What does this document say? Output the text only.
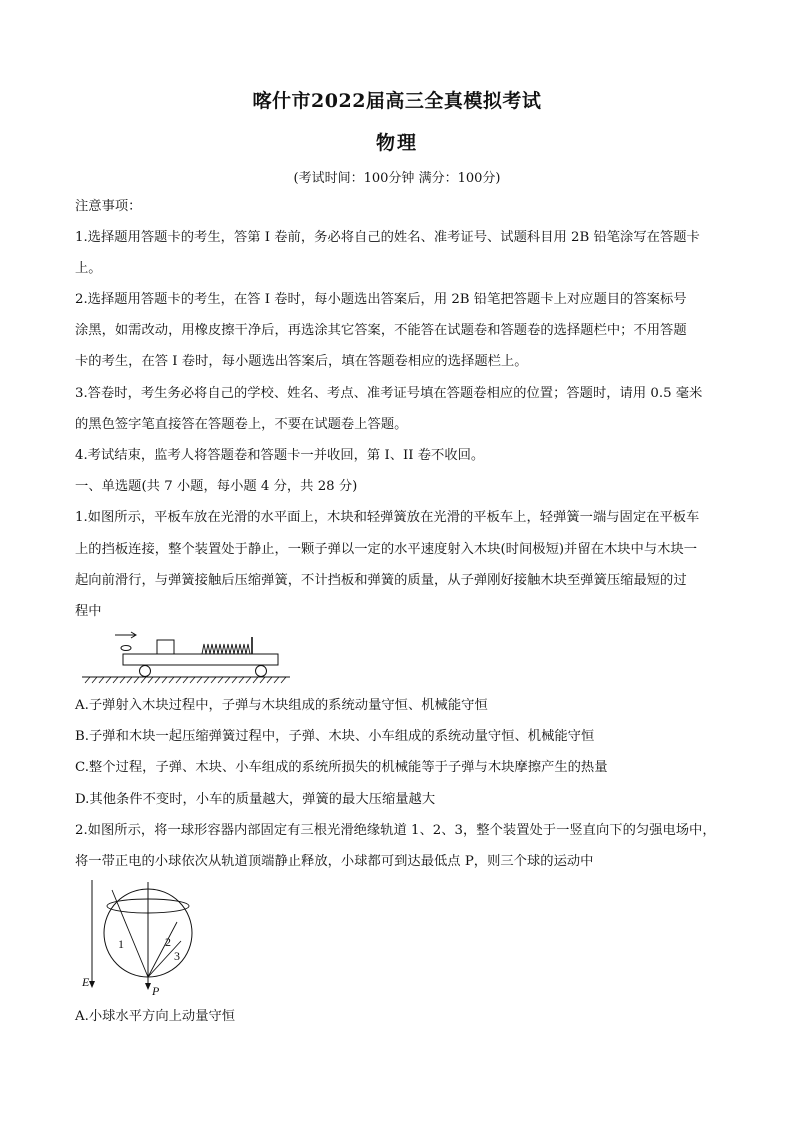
喀什市2022届高三全真模拟考试
物理
(考试时间：100分钟 满分：100分)
注意事项：
1.选择题用答题卡的考生，答第 I 卷前，务必将自己的姓名、准考证号、试题科目用 2B 铅笔涂写在答题卡
上。
2.选择题用答题卡的考生，在答 I 卷时，每小题选出答案后，用 2B 铅笔把答题卡上对应题目的答案标号
涂黑，如需改动，用橡皮擦干净后，再选涂其它答案，不能答在试题卷和答题卷的选择题栏中；不用答题
卡的考生，在答 I 卷时，每小题选出答案后，填在答题卷相应的选择题栏上。
3.答卷时，考生务必将自己的学校、姓名、考点、准考证号填在答题卷相应的位置；答题时，请用 0.5 毫米
的黑色签字笔直接答在答题卷上，不要在试题卷上答题。
4.考试结束，监考人将答题卷和答题卡一并收回，第 I、II 卷不收回。
一、单选题(共 7 小题，每小题 4 分，共 28 分)
1.如图所示，平板车放在光滑的水平面上，木块和轻弹簧放在光滑的平板车上，轻弹簧一端与固定在平板车
上的挡板连接，整个装置处于静止，一颗子弹以一定的水平速度射入木块(时间极短)并留在木块中与木块一
起向前滑行，与弹簧接触后压缩弹簧，不计挡板和弹簧的质量，从子弹刚好接触木块至弹簧压缩最短的过
程中
A.子弹射入木块过程中，子弹与木块组成的系统动量守恒、机械能守恒
B.子弹和木块一起压缩弹簧过程中，子弹、木块、小车组成的系统动量守恒、机械能守恒
C.整个过程，子弹、木块、小车组成的系统所损失的机械能等于子弹与木块摩擦产生的热量
D.其他条件不变时，小车的质量越大，弹簧的最大压缩量越大
2.如图所示，将一球形容器内部固定有三根光滑绝缘轨道 1、2、3，整个装置处于一竖直向下的匀强电场中，
将一带正电的小球依次从轨道顶端静止释放，小球都可到达最低点 P，则三个球的运动中
1	2
3
E
P
A.小球水平方向上动量守恒
